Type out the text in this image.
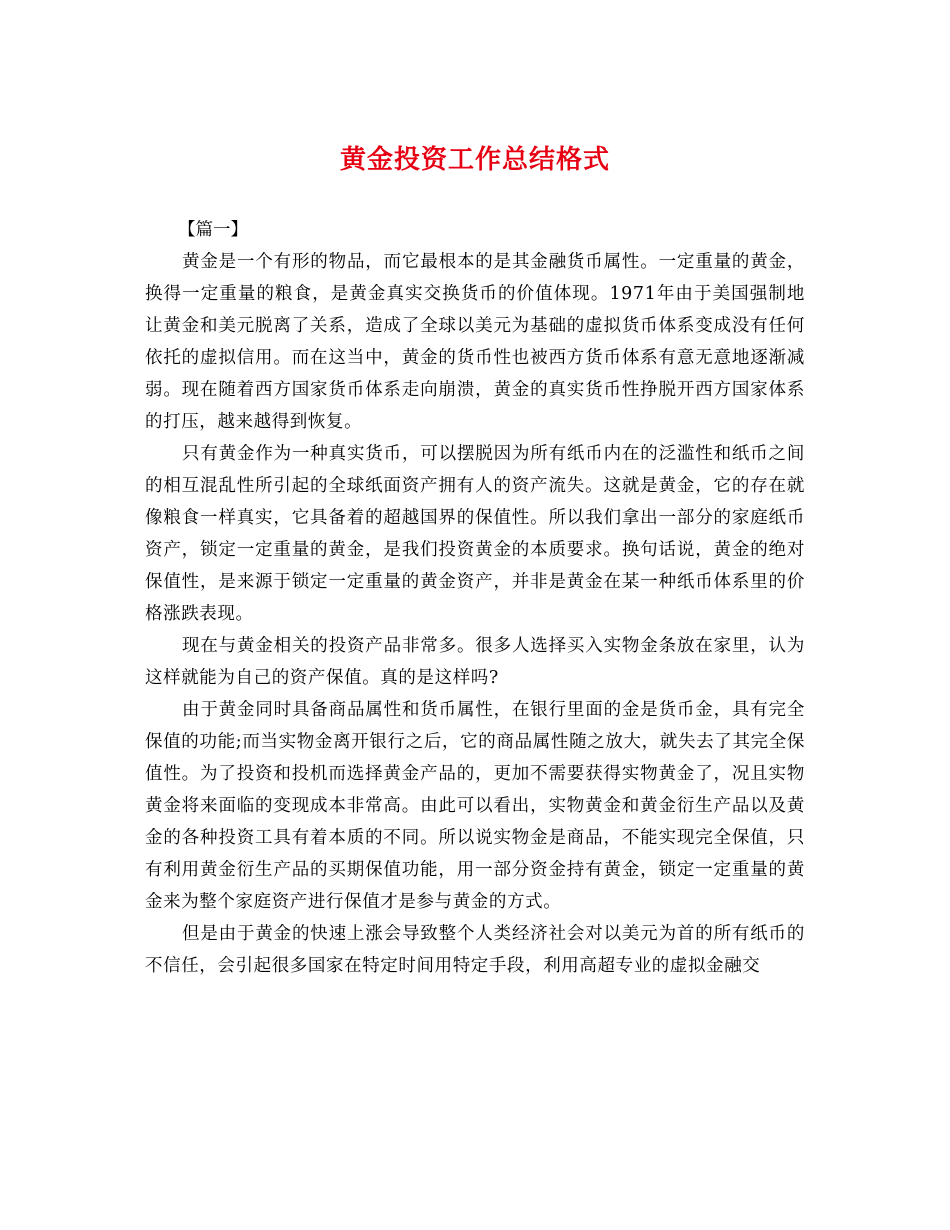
黄金投资工作总结格式

【篇一】

黄金是一个有形的物品，而它最根本的是其金融货币属性。一定重量的黄金，换得一定重量的粮食，是黄金真实交换货币的价值体现。1971年由于美国强制地让黄金和美元脱离了关系，造成了全球以美元为基础的虚拟货币体系变成没有任何依托的虚拟信用。而在这当中，黄金的货币性也被西方货币体系有意无意地逐渐减弱。现在随着西方国家货币体系走向崩溃，黄金的真实货币性挣脱开西方国家体系的打压，越来越得到恢复。

只有黄金作为一种真实货币，可以摆脱因为所有纸币内在的泛滥性和纸币之间的相互混乱性所引起的全球纸面资产拥有人的资产流失。这就是黄金，它的存在就像粮食一样真实，它具备着的超越国界的保值性。所以我们拿出一部分的家庭纸币资产，锁定一定重量的黄金，是我们投资黄金的本质要求。换句话说，黄金的绝对保值性，是来源于锁定一定重量的黄金资产，并非是黄金在某一种纸币体系里的价格涨跌表现。

现在与黄金相关的投资产品非常多。很多人选择买入实物金条放在家里，认为这样就能为自己的资产保值。真的是这样吗?

由于黄金同时具备商品属性和货币属性，在银行里面的金是货币金，具有完全保值的功能;而当实物金离开银行之后，它的商品属性随之放大，就失去了其完全保值性。为了投资和投机而选择黄金产品的，更加不需要获得实物黄金了，况且实物黄金将来面临的变现成本非常高。由此可以看出，实物黄金和黄金衍生产品以及黄金的各种投资工具有着本质的不同。所以说实物金是商品，不能实现完全保值，只有利用黄金衍生产品的买期保值功能，用一部分资金持有黄金，锁定一定重量的黄金来为整个家庭资产进行保值才是参与黄金的方式。

但是由于黄金的快速上涨会导致整个人类经济社会对以美元为首的所有纸币的不信任，会引起很多国家在特定时间用特定手段，利用高超专业的虚拟金融交
